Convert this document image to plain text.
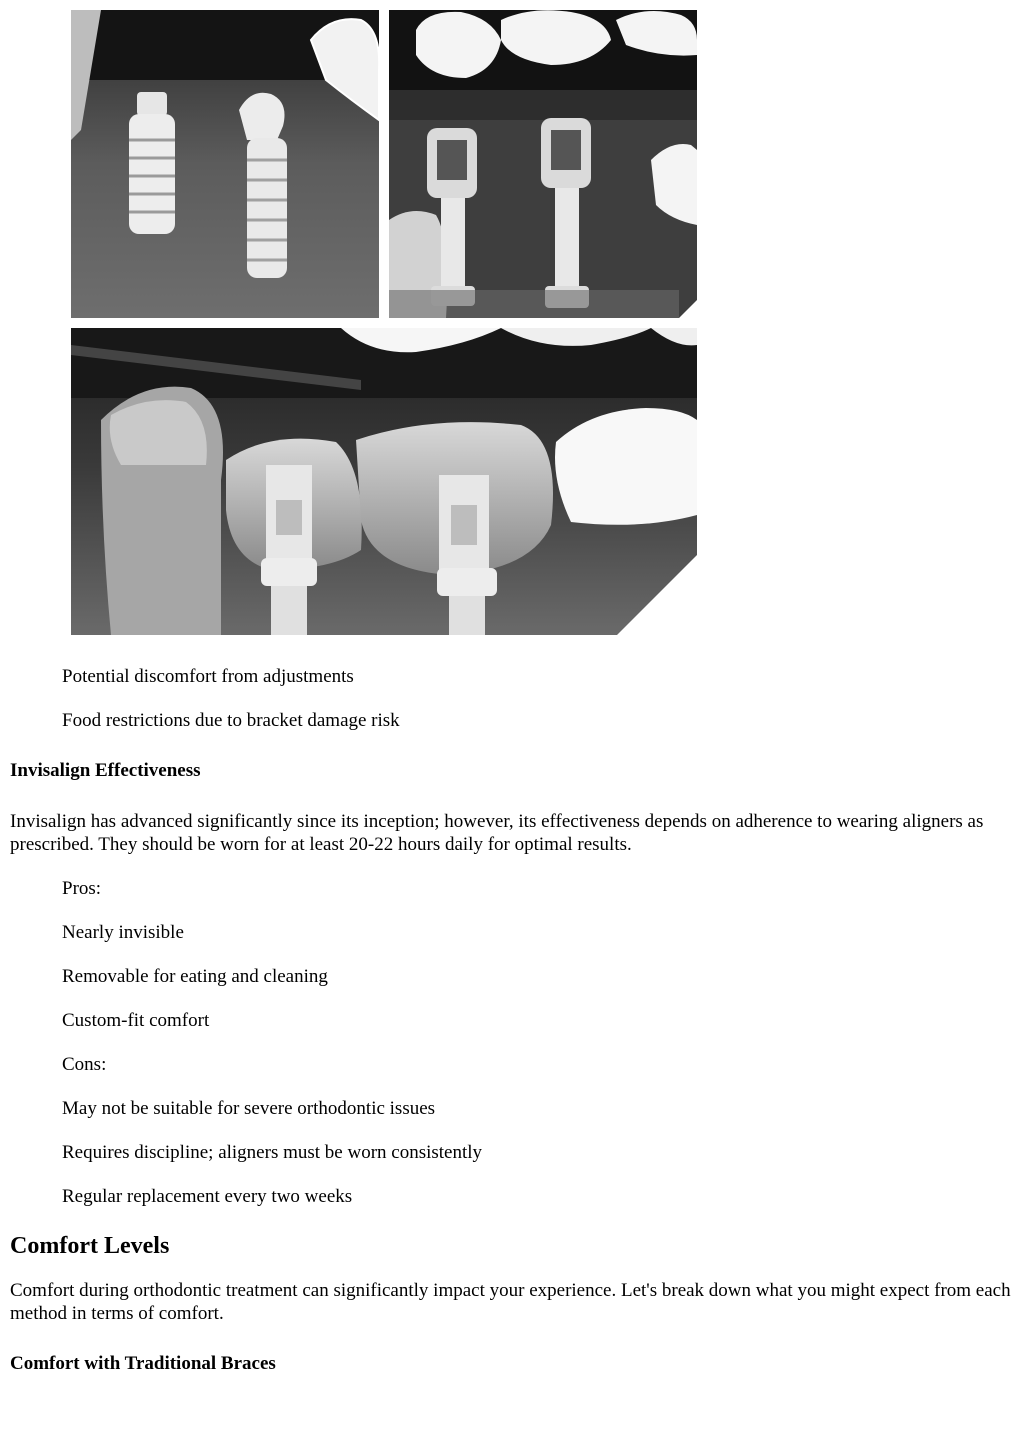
Potential discomfort from adjustments
Food restrictions due to bracket damage risk
Invisalign Effectiveness
Invisalign has advanced significantly since its inception; however, its effectiveness depends on adherence to wearing aligners as prescribed. They should be worn for at least 20-22 hours daily for optimal results.
Pros:
Nearly invisible
Removable for eating and cleaning
Custom-fit comfort
Cons:
May not be suitable for severe orthodontic issues
Requires discipline; aligners must be worn consistently
Regular replacement every two weeks
Comfort Levels
Comfort during orthodontic treatment can significantly impact your experience. Let's break down what you might expect from each method in terms of comfort.
Comfort with Traditional Braces
